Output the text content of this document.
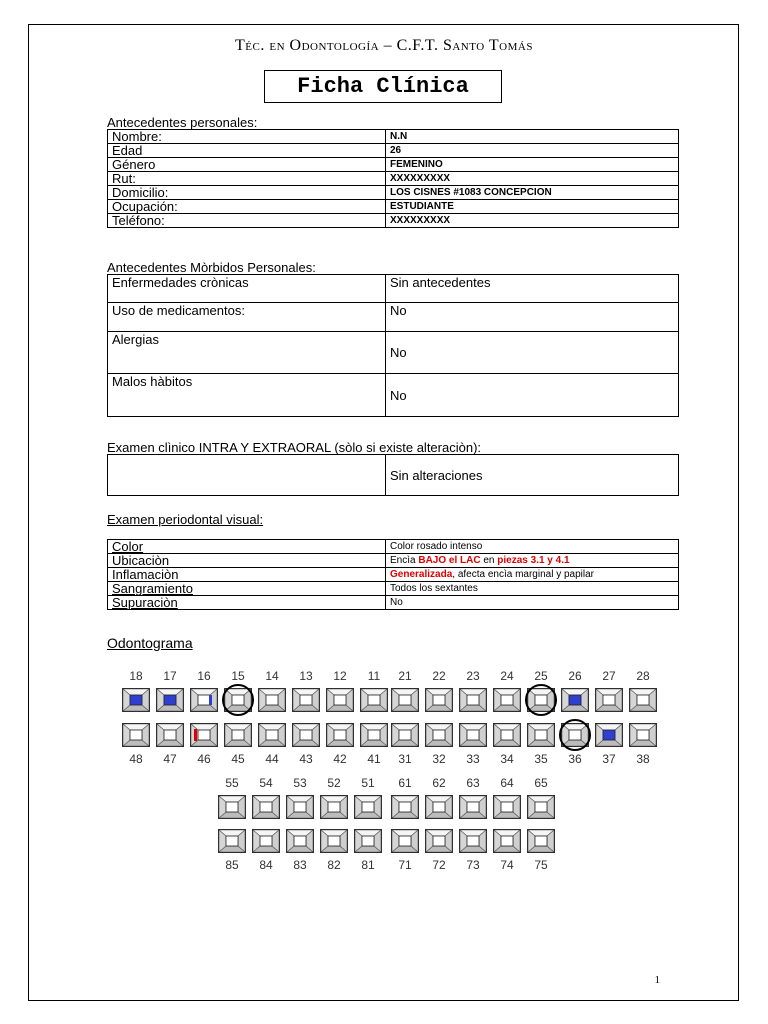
Téc. en Odontología – C.F.T. Santo Tomás
Ficha Clínica
Antecedentes personales:
Nombre:	N.N
Edad	26
Género	FEMENINO
Rut:	XXXXXXXXX
Domicilio:	LOS CISNES #1083 CONCEPCION
Ocupación:	ESTUDIANTE
Teléfono:	XXXXXXXXX
Antecedentes Mòrbidos Personales:
Enfermedades crònicas	Sin antecedentes
Uso de medicamentos:	No
Alergias	No
Malos hàbitos	No
Examen clìnico INTRA Y EXTRAORAL (sòlo si existe alteraciòn):
	Sin alteraciones
Examen periodontal visual:
Color	Color rosado intenso
Ubicaciòn	Encìa BAJO el LAC en piezas 3.1 y 4.1
Inflamaciòn	Generalizada, afecta encìa marginal y papilar
Sangramiento	Todos los sextantes
Supuraciòn	No
Odontograma
18	17	16	15	14	13	12	11	21	22	23	24	25	26	27	28
48	47	46	45	44	43	42	41	31	32	33	34	35	36	37	38
55	54	53	52	51	61	62	63	64	65
85	84	83	82	81	71	72	73	74	75
1
